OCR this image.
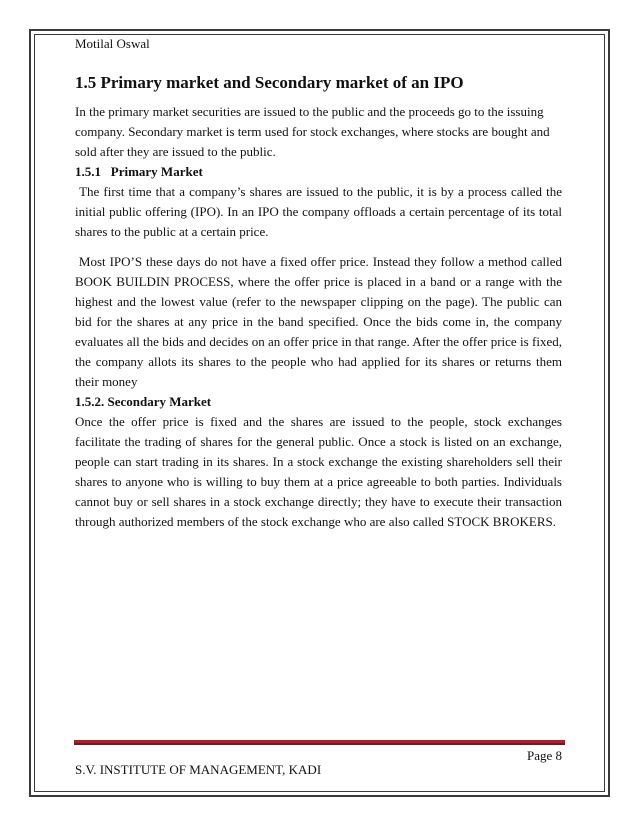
Motilal Oswal
1.5 Primary market and Secondary market of an IPO

In the primary market securities are issued to the public and the proceeds go to the issuing company. Secondary market is term used for stock exchanges, where stocks are bought and sold after they are issued to the public.

1.5.1   Primary Market

The first time that a company’s shares are issued to the public, it is by a process called the initial public offering (IPO). In an IPO the company offloads a certain percentage of its total shares to the public at a certain price.

Most IPO’S these days do not have a fixed offer price. Instead they follow a method called BOOK BUILDIN PROCESS, where the offer price is placed in a band or a range with the highest and the lowest value (refer to the newspaper clipping on the page). The public can bid for the shares at any price in the band specified. Once the bids come in, the company evaluates all the bids and decides on an offer price in that range. After the offer price is fixed, the company allots its shares to the people who had applied for its shares or returns them their money

1.5.2. Secondary Market

Once the offer price is fixed and the shares are issued to the people, stock exchanges facilitate the trading of shares for the general public. Once a stock is listed on an exchange, people can start trading in its shares. In a stock exchange the existing shareholders sell their shares to anyone who is willing to buy them at a price agreeable to both parties. Individuals cannot buy or sell shares in a stock exchange directly; they have to execute their transaction through authorized members of the stock exchange who are also called STOCK BROKERS.

Page 8
S.V. INSTITUTE OF MANAGEMENT, KADI
